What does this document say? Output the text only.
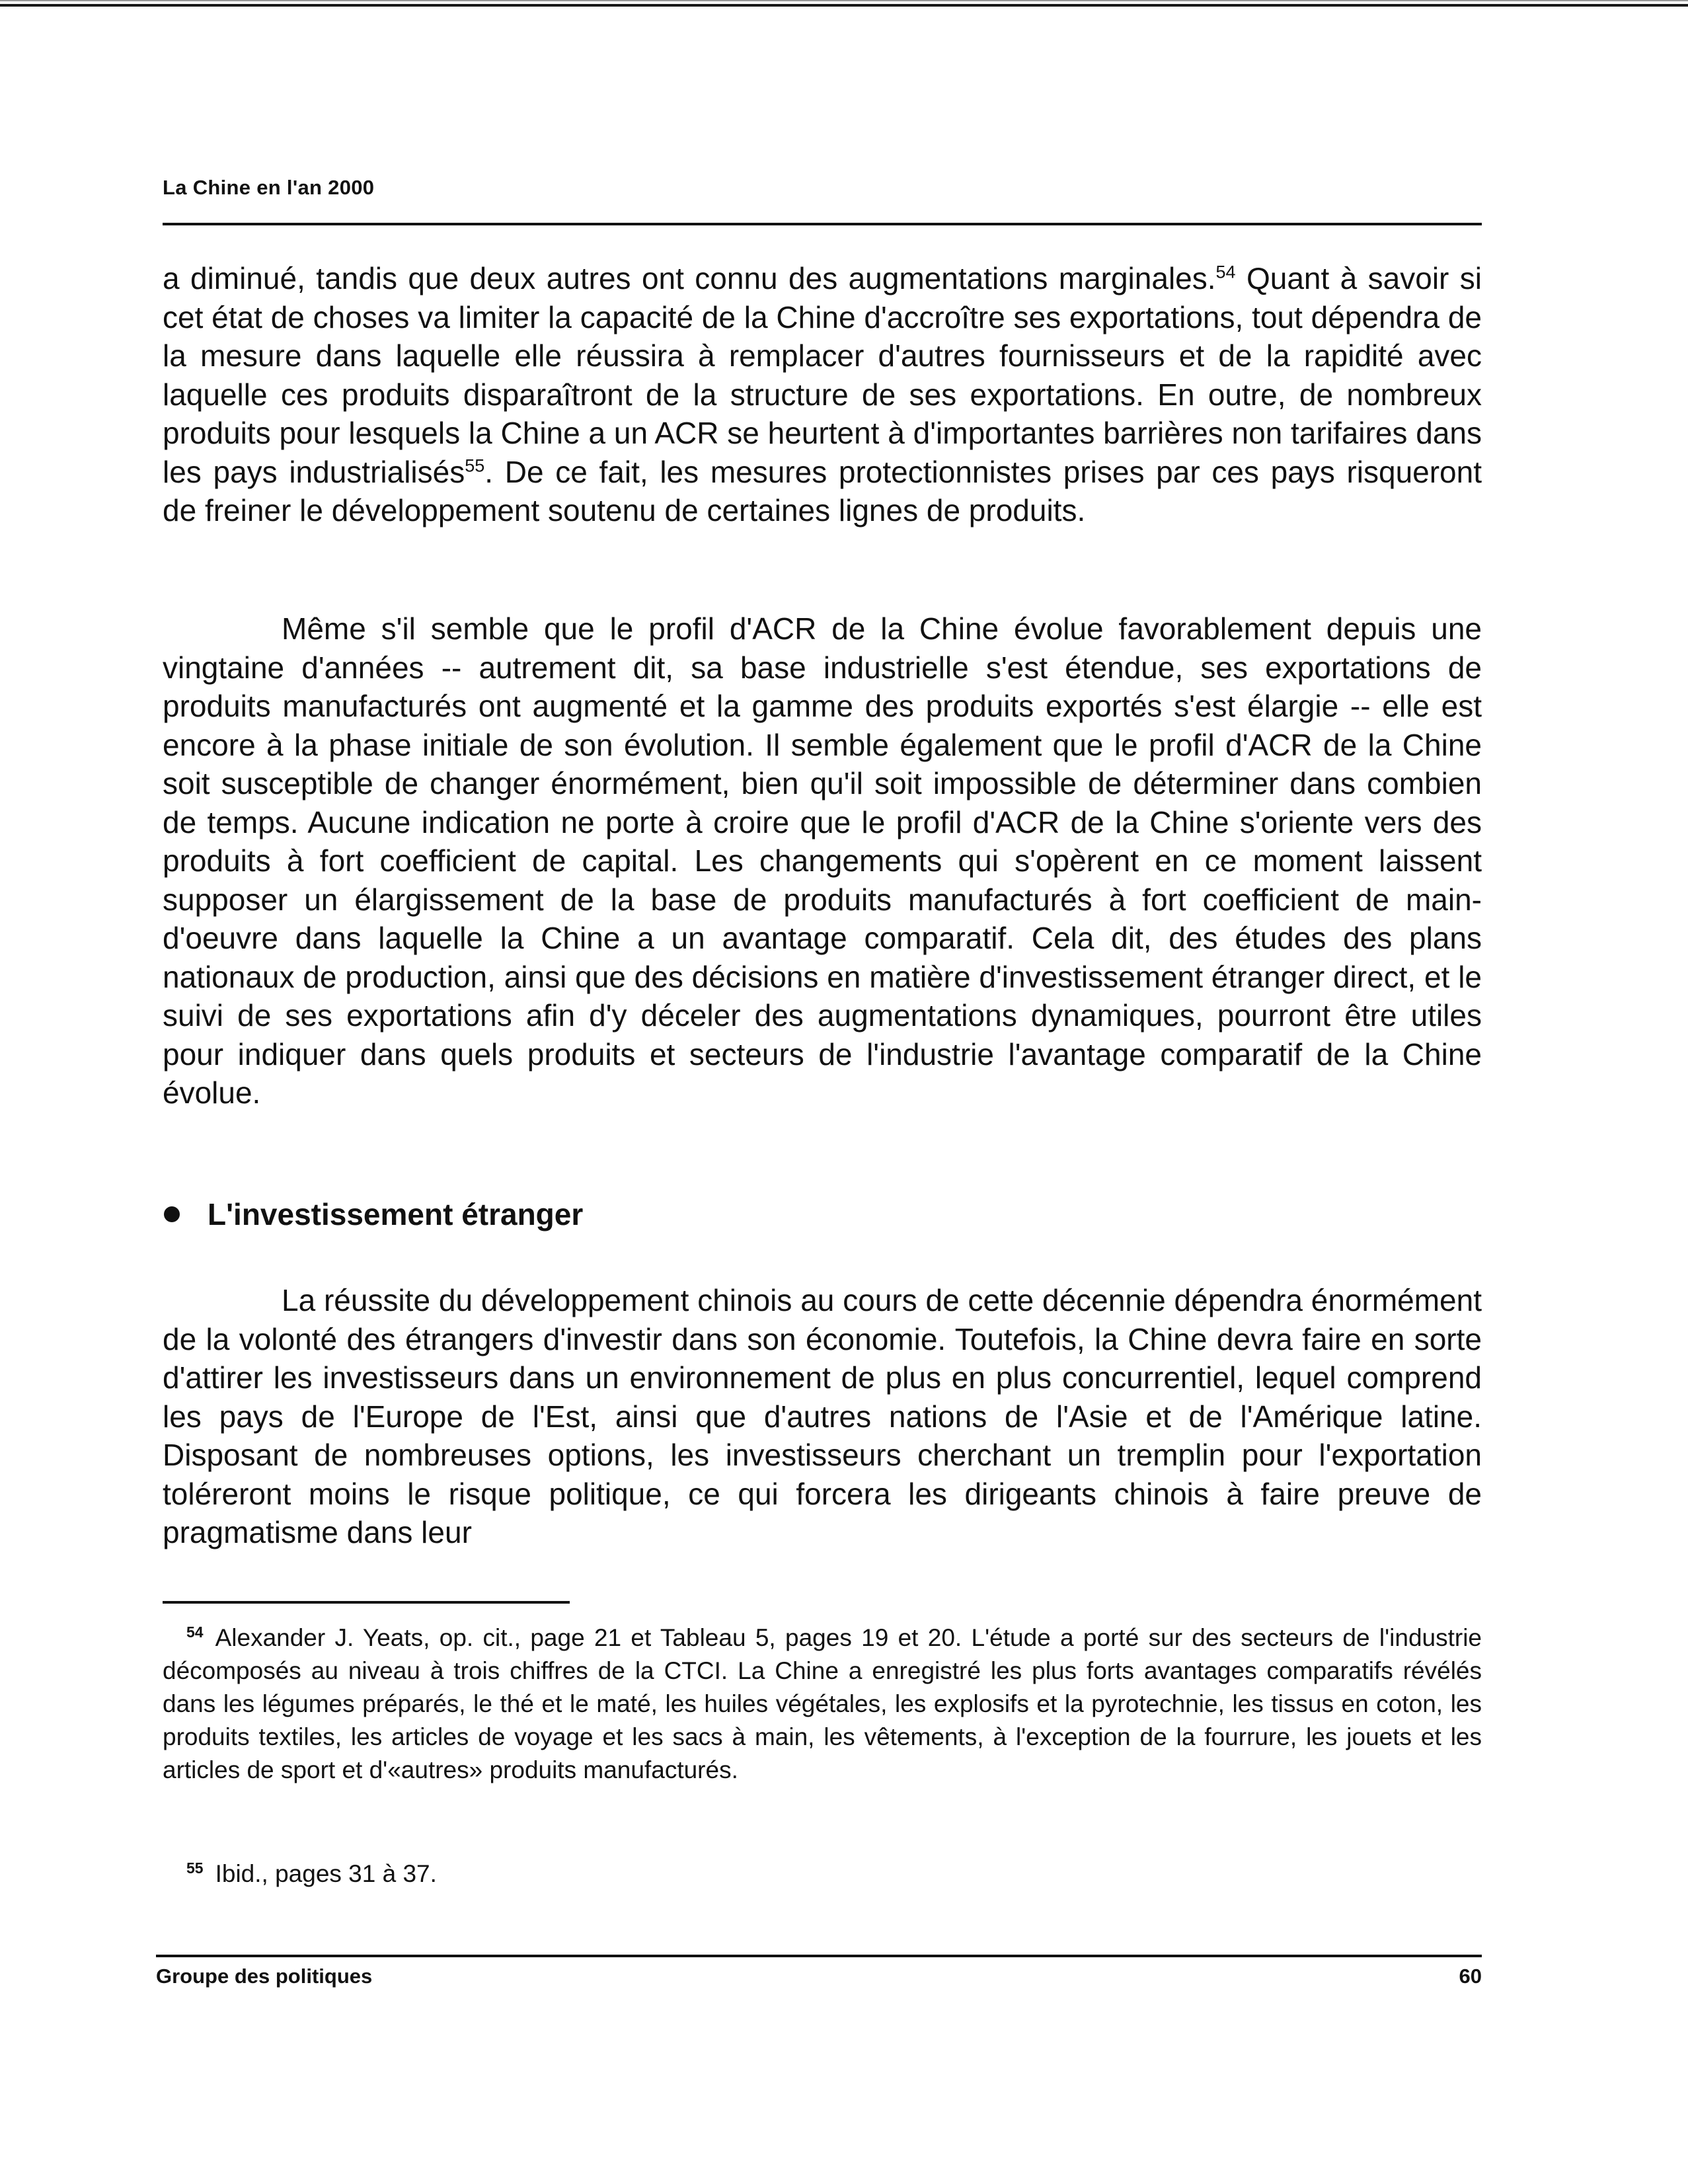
La Chine en l'an 2000

a diminué, tandis que deux autres ont connu des augmentations marginales.$^{54}$ Quant à savoir si cet état de choses va limiter la capacité de la Chine d'accroître ses exportations, tout dépendra de la mesure dans laquelle elle réussira à remplacer d'autres fournisseurs et de la rapidité avec laquelle ces produits disparaîtront de la structure de ses exportations. En outre, de nombreux produits pour lesquels la Chine a un ACR se heurtent à d'importantes barrières non tarifaires dans les pays industrialisés$^{55}$. De ce fait, les mesures protectionnistes prises par ces pays risqueront de freiner le développement soutenu de certaines lignes de produits.

Même s'il semble que le profil d'ACR de la Chine évolue favorablement depuis une vingtaine d'années -- autrement dit, sa base industrielle s'est étendue, ses exportations de produits manufacturés ont augmenté et la gamme des produits exportés s'est élargie -- elle est encore à la phase initiale de son évolution. Il semble également que le profil d'ACR de la Chine soit susceptible de changer énormément, bien qu'il soit impossible de déterminer dans combien de temps. Aucune indication ne porte à croire que le profil d'ACR de la Chine s'oriente vers des produits à fort coefficient de capital. Les changements qui s'opèrent en ce moment laissent supposer un élargissement de la base de produits manufacturés à fort coefficient de main-d'oeuvre dans laquelle la Chine a un avantage comparatif. Cela dit, des études des plans nationaux de production, ainsi que des décisions en matière d'investissement étranger direct, et le suivi de ses exportations afin d'y déceler des augmentations dynamiques, pourront être utiles pour indiquer dans quels produits et secteurs de l'industrie l'avantage comparatif de la Chine évolue.

L'investissement étranger

La réussite du développement chinois au cours de cette décennie dépendra énormément de la volonté des étrangers d'investir dans son économie. Toutefois, la Chine devra faire en sorte d'attirer les investisseurs dans un environnement de plus en plus concurrentiel, lequel comprend les pays de l'Europe de l'Est, ainsi que d'autres nations de l'Asie et de l'Amérique latine. Disposant de nombreuses options, les investisseurs cherchant un tremplin pour l'exportation toléreront moins le risque politique, ce qui forcera les dirigeants chinois à faire preuve de pragmatisme dans leur

$^{54}$ Alexander J. Yeats, op. cit., page 21 et Tableau 5, pages 19 et 20. L'étude a porté sur des secteurs de l'industrie décomposés au niveau à trois chiffres de la CTCI. La Chine a enregistré les plus forts avantages comparatifs révélés dans les légumes préparés, le thé et le maté, les huiles végétales, les explosifs et la pyrotechnie, les tissus en coton, les produits textiles, les articles de voyage et les sacs à main, les vêtements, à l'exception de la fourrure, les jouets et les articles de sport et d'«autres» produits manufacturés.

$^{55}$ Ibid., pages 31 à 37.

Groupe des politiques	60
